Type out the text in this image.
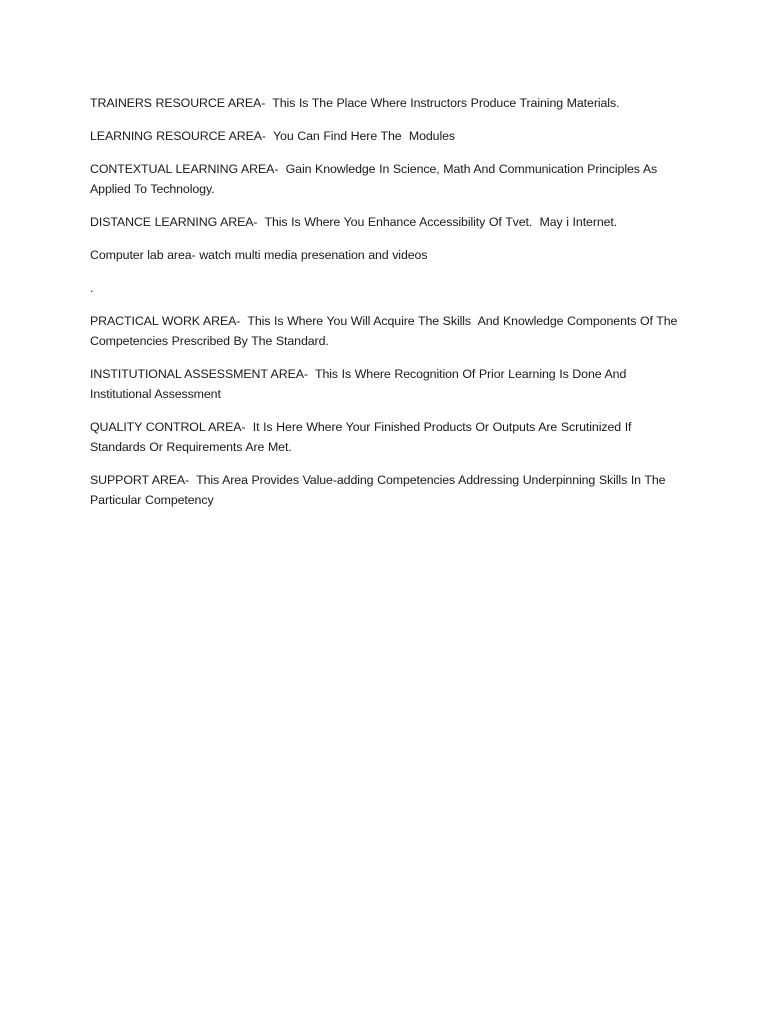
TRAINERS RESOURCE AREA-  This Is The Place Where Instructors Produce Training Materials.

LEARNING RESOURCE AREA-  You Can Find Here The  Modules

CONTEXTUAL LEARNING AREA-  Gain Knowledge In Science, Math And Communication Principles As Applied To Technology.

DISTANCE LEARNING AREA-  This Is Where You Enhance Accessibility Of Tvet.  May i Internet.

Computer lab area- watch multi media presenation and videos

.

PRACTICAL WORK AREA-  This Is Where You Will Acquire The Skills  And Knowledge Components Of The Competencies Prescribed By The Standard.

INSTITUTIONAL ASSESSMENT AREA-  This Is Where Recognition Of Prior Learning Is Done And Institutional Assessment

QUALITY CONTROL AREA-  It Is Here Where Your Finished Products Or Outputs Are Scrutinized If Standards Or Requirements Are Met.

SUPPORT AREA-  This Area Provides Value-adding Competencies Addressing Underpinning Skills In The Particular Competency
